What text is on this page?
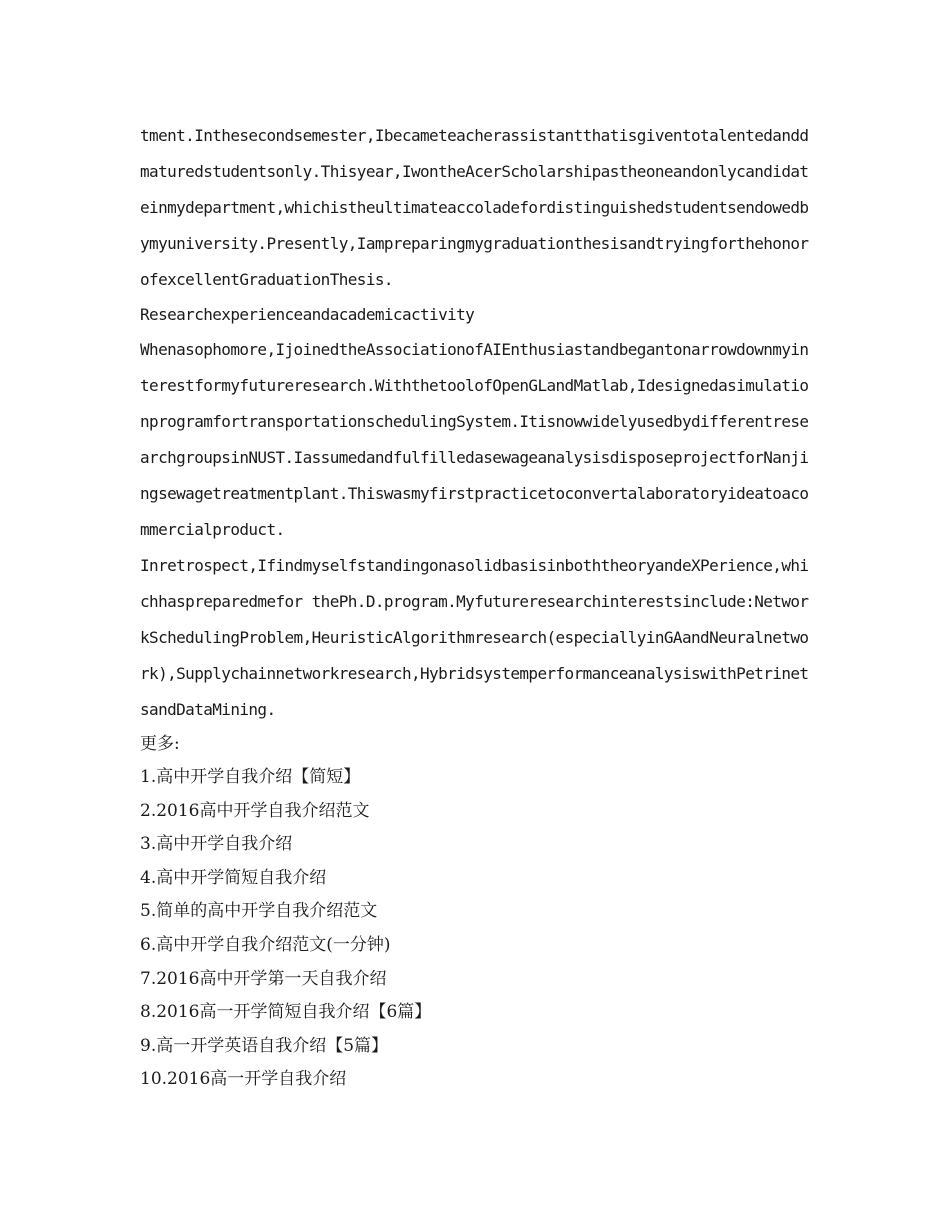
tment.Inthesecondsemester,Ibecameteacherassistantthatisgiventotalentedanddmaturedstudentsonly.Thisyear,IwontheAcerScholarshipastheoneandonlycandidateinmydepartment,whichistheultimateaccoladefordistinguishedstudentsendowedbymyuniversity.Presently,IampreparingmygraduationthesisandtryingforthehonorofexcellentGraduationThesis.

Researchexperienceandacademicactivity

Whenasophomore,IjoinedtheAssociationofAIEnthusiastandbegantonarrowdownmyinterestformyfutureresearch.WiththetoolofOpenGLandMatlab,IdesignedasimulationprogramfortransportationschedulingSystem.ItisnowwidelyusedbydifferentresearchgroupsinNUST.IassumedandfulfilledasewageanalysisdisposeprojectforNanjingsewagetreatmentplant.Thiswasmyfirstpracticetoconvertalaboratoryideatoacommercialproduct.

Inretrospect,IfindmyselfstandingonasolidbasisinboththeoryandeXPerience,whichhaspreparedmefor thePh.D.program.Myfutureresearchinterestsinclude:NetworkSchedulingProblem,HeuristicAlgorithmresearch(especiallyinGAandNeuralnetwork),Supplychainnetworkresearch,HybridsystemperformanceanalysiswithPetrinetsandDataMining.

更多:

1.高中开学自我介绍【简短】
2.2016高中开学自我介绍范文
3.高中开学自我介绍
4.高中开学简短自我介绍
5.简单的高中开学自我介绍范文
6.高中开学自我介绍范文(一分钟)
7.2016高中开学第一天自我介绍
8.2016高一开学简短自我介绍【6篇】
9.高一开学英语自我介绍【5篇】
10.2016高一开学自我介绍
